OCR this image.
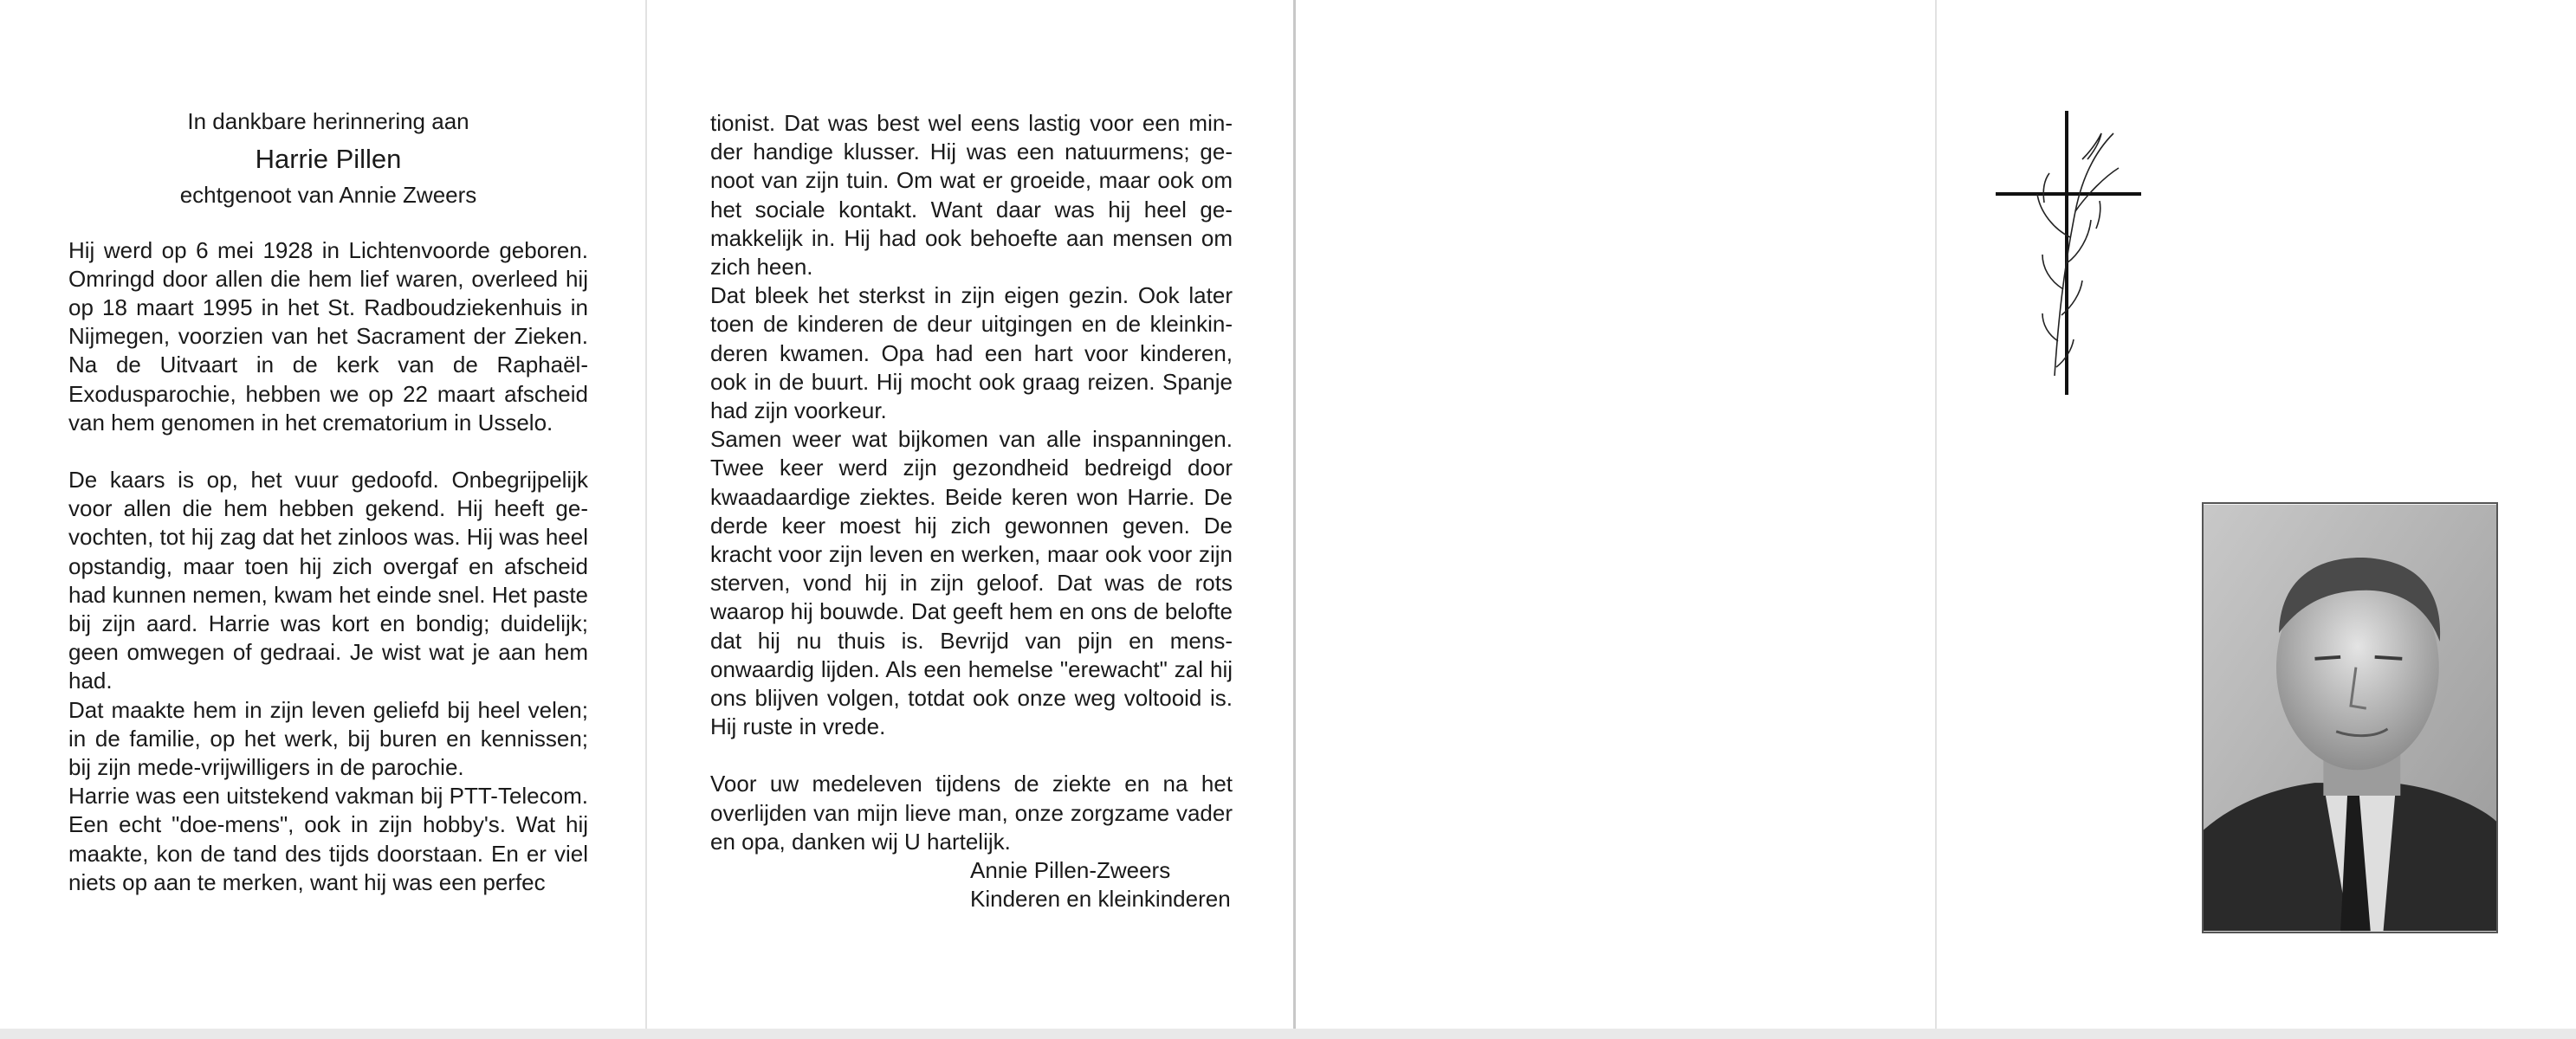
In dankbare herinnering aan

Harrie Pillen

echtgenoot van Annie Zweers

Hij werd op 6 mei 1928 in Lichtenvoorde geboren. Omringd door allen die hem lief waren, overleed hij op 18 maart 1995 in het St. Radboudziekenhuis in Nijmegen, voorzien van het Sacrament der Zieken. Na de Uitvaart in de kerk van de Raphaël-Exodusparochie, hebben we op 22 maart afscheid van hem genomen in het crematorium in Usselo.

De kaars is op, het vuur gedoofd. Onbegrijpelijk voor allen die hem hebben gekend. Hij heeft gevochten, tot hij zag dat het zinloos was. Hij was heel opstandig, maar toen hij zich overgaf en afscheid had kunnen nemen, kwam het einde snel. Het paste bij zijn aard. Harrie was kort en bondig; duidelijk; geen omwegen of gedraai. Je wist wat je aan hem had.

Dat maakte hem in zijn leven geliefd bij heel velen; in de familie, op het werk, bij buren en kennissen; bij zijn mede-vrijwilligers in de parochie.

Harrie was een uitstekend vakman bij PTT-Telecom. Een echt "doe-mens", ook in zijn hobby's. Wat hij maakte, kon de tand des tijds doorstaan. En er viel niets op aan te merken, want hij was een perfec

tionist. Dat was best wel eens lastig voor een minder handige klusser. Hij was een natuurmens; genoot van zijn tuin. Om wat er groeide, maar ook om het sociale kontakt. Want daar was hij heel gemakkelijk in. Hij had ook behoefte aan mensen om zich heen.

Dat bleek het sterkst in zijn eigen gezin. Ook later toen de kinderen de deur uitgingen en de kleinkinderen kwamen. Opa had een hart voor kinderen, ook in de buurt. Hij mocht ook graag reizen. Spanje had zijn voorkeur.

Samen weer wat bijkomen van alle inspanningen. Twee keer werd zijn gezondheid bedreigd door kwaadaardige ziektes. Beide keren won Harrie. De derde keer moest hij zich gewonnen geven. De kracht voor zijn leven en werken, maar ook voor zijn sterven, vond hij in zijn geloof. Dat was de rots waarop hij bouwde. Dat geeft hem en ons de belofte dat hij nu thuis is. Bevrijd van pijn en mensonwaardig lijden. Als een hemelse "erewacht" zal hij ons blijven volgen, totdat ook onze weg voltooid is. Hij ruste in vrede.

Voor uw medeleven tijdens de ziekte en na het overlijden van mijn lieve man, onze zorgzame vader en opa, danken wij U hartelijk.

Annie Pillen-Zweers

Kinderen en kleinkinderen
